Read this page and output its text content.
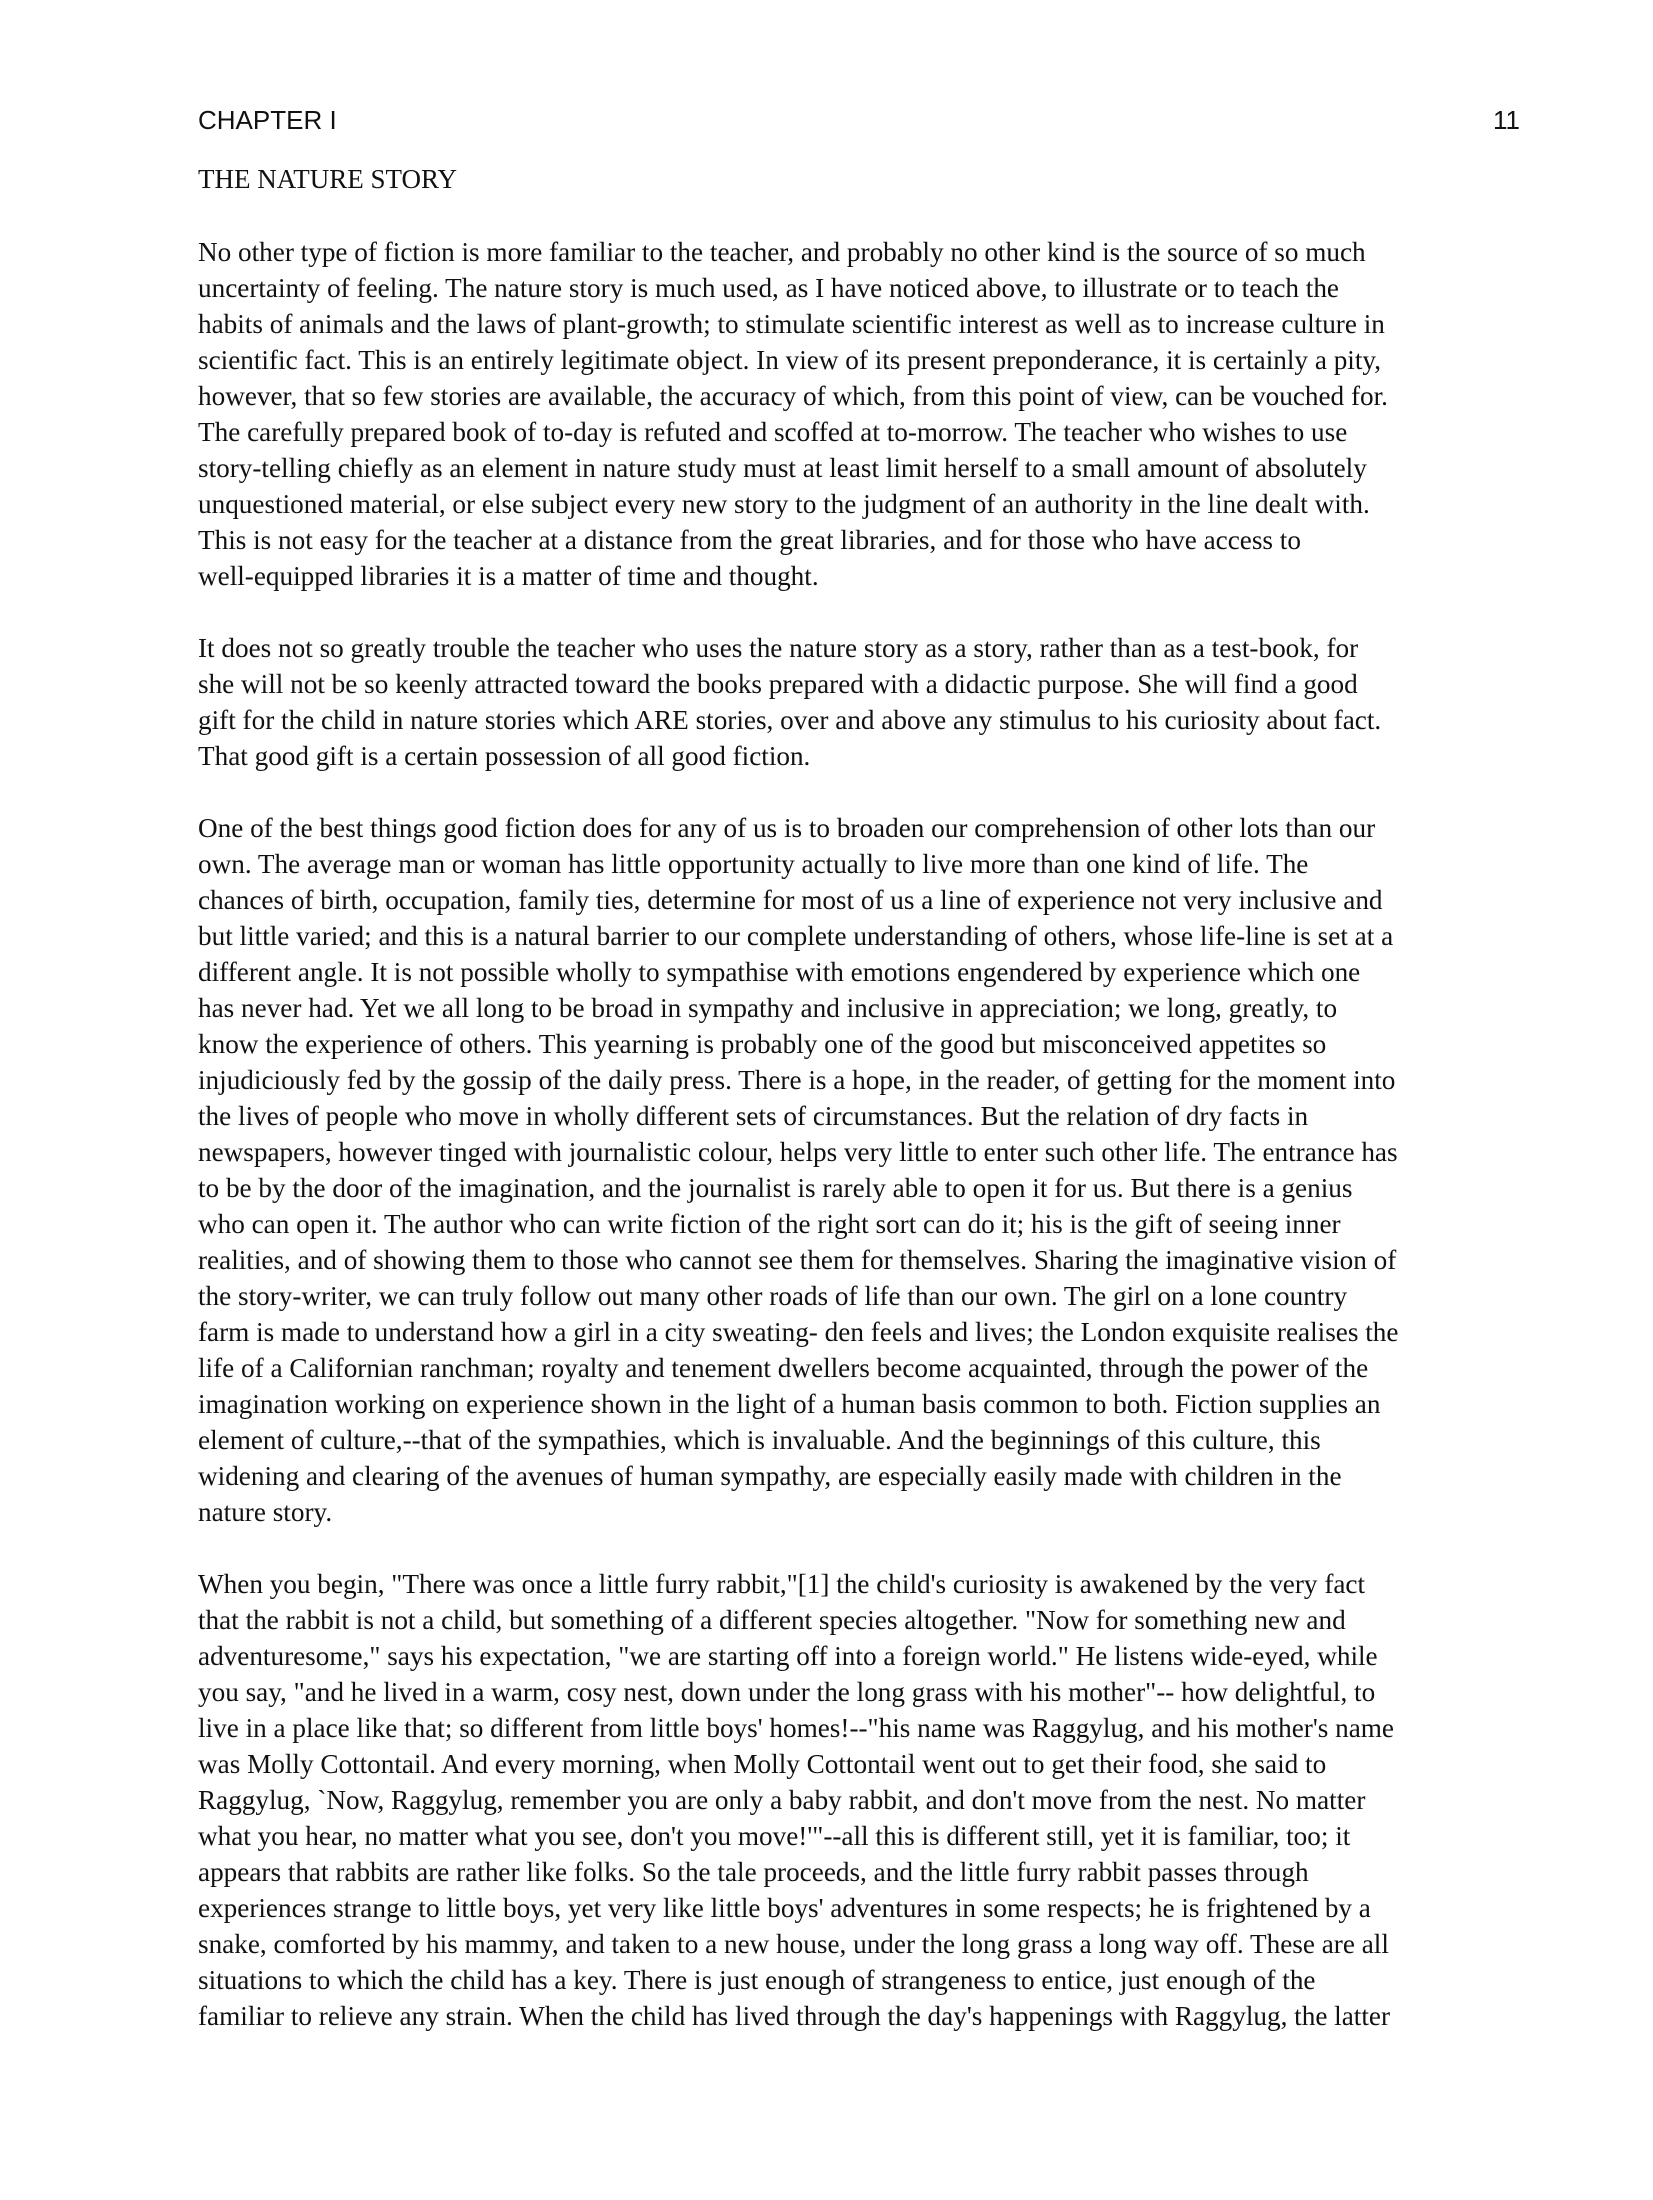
CHAPTER I	11
THE NATURE STORY

No other type of fiction is more familiar to the teacher, and probably no other kind is the source of so much
uncertainty of feeling. The nature story is much used, as I have noticed above, to illustrate or to teach the
habits of animals and the laws of plant-growth; to stimulate scientific interest as well as to increase culture in
scientific fact. This is an entirely legitimate object. In view of its present preponderance, it is certainly a pity,
however, that so few stories are available, the accuracy of which, from this point of view, can be vouched for.
The carefully prepared book of to-day is refuted and scoffed at to-morrow. The teacher who wishes to use
story-telling chiefly as an element in nature study must at least limit herself to a small amount of absolutely
unquestioned material, or else subject every new story to the judgment of an authority in the line dealt with.
This is not easy for the teacher at a distance from the great libraries, and for those who have access to
well-equipped libraries it is a matter of time and thought.

It does not so greatly trouble the teacher who uses the nature story as a story, rather than as a test-book, for
she will not be so keenly attracted toward the books prepared with a didactic purpose. She will find a good
gift for the child in nature stories which ARE stories, over and above any stimulus to his curiosity about fact.
That good gift is a certain possession of all good fiction.

One of the best things good fiction does for any of us is to broaden our comprehension of other lots than our
own. The average man or woman has little opportunity actually to live more than one kind of life. The
chances of birth, occupation, family ties, determine for most of us a line of experience not very inclusive and
but little varied; and this is a natural barrier to our complete understanding of others, whose life-line is set at a
different angle. It is not possible wholly to sympathise with emotions engendered by experience which one
has never had. Yet we all long to be broad in sympathy and inclusive in appreciation; we long, greatly, to
know the experience of others. This yearning is probably one of the good but misconceived appetites so
injudiciously fed by the gossip of the daily press. There is a hope, in the reader, of getting for the moment into
the lives of people who move in wholly different sets of circumstances. But the relation of dry facts in
newspapers, however tinged with journalistic colour, helps very little to enter such other life. The entrance has
to be by the door of the imagination, and the journalist is rarely able to open it for us. But there is a genius
who can open it. The author who can write fiction of the right sort can do it; his is the gift of seeing inner
realities, and of showing them to those who cannot see them for themselves. Sharing the imaginative vision of
the story-writer, we can truly follow out many other roads of life than our own. The girl on a lone country
farm is made to understand how a girl in a city sweating- den feels and lives; the London exquisite realises the
life of a Californian ranchman; royalty and tenement dwellers become acquainted, through the power of the
imagination working on experience shown in the light of a human basis common to both. Fiction supplies an
element of culture,--that of the sympathies, which is invaluable. And the beginnings of this culture, this
widening and clearing of the avenues of human sympathy, are especially easily made with children in the
nature story.

When you begin, "There was once a little furry rabbit,"[1] the child's curiosity is awakened by the very fact
that the rabbit is not a child, but something of a different species altogether. "Now for something new and
adventuresome," says his expectation, "we are starting off into a foreign world." He listens wide-eyed, while
you say, "and he lived in a warm, cosy nest, down under the long grass with his mother"-- how delightful, to
live in a place like that; so different from little boys' homes!--"his name was Raggylug, and his mother's name
was Molly Cottontail. And every morning, when Molly Cottontail went out to get their food, she said to
Raggylug, `Now, Raggylug, remember you are only a baby rabbit, and don't move from the nest. No matter
what you hear, no matter what you see, don't you move!'"--all this is different still, yet it is familiar, too; it
appears that rabbits are rather like folks. So the tale proceeds, and the little furry rabbit passes through
experiences strange to little boys, yet very like little boys' adventures in some respects; he is frightened by a
snake, comforted by his mammy, and taken to a new house, under the long grass a long way off. These are all
situations to which the child has a key. There is just enough of strangeness to entice, just enough of the
familiar to relieve any strain. When the child has lived through the day's happenings with Raggylug, the latter
